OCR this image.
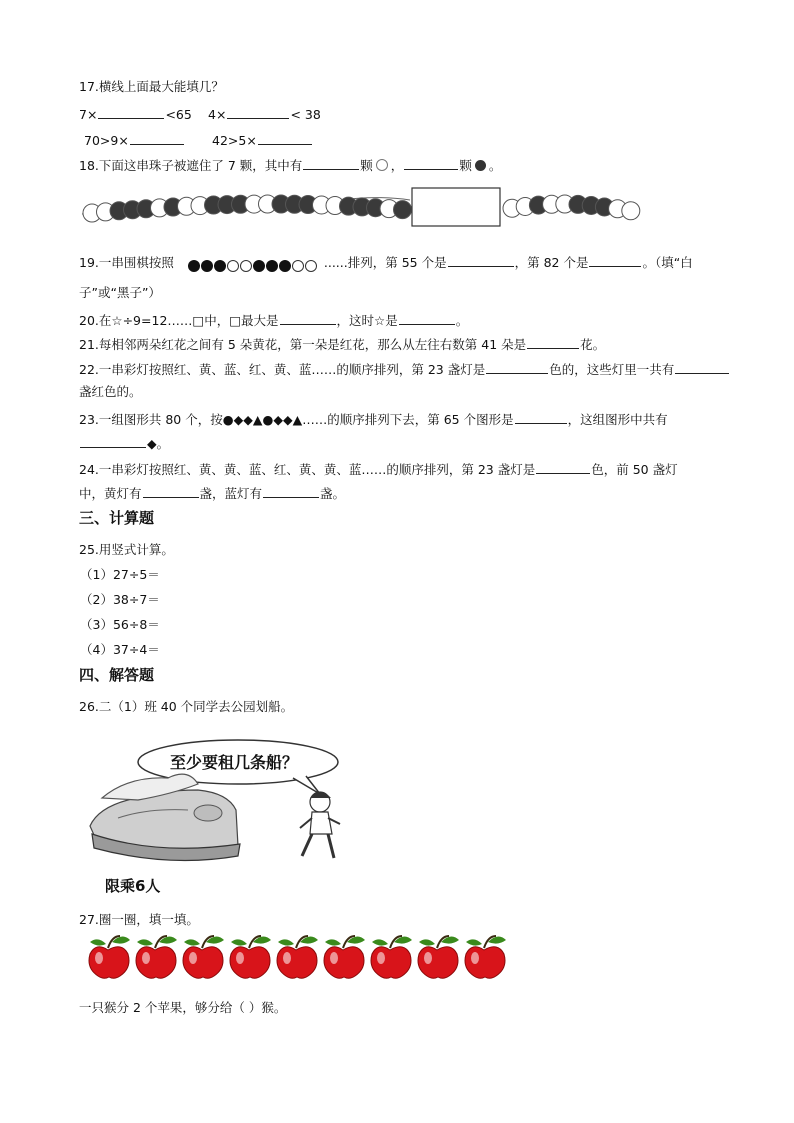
17.横线上面最大能填几？
7×	<65 4×	< 38
70>9×	42>5×
18.下面这串珠子被遮住了 7 颗，其中有	颗 ，	颗 。
19.一串围棋按照	......排列，第 55 个是	，第 82 个是	。（填“白
子”或“黑子”）
20.在☆÷9=12……□中，□最大是	，这时☆是	。
21.每相邻两朵红花之间有 5 朵黄花，第一朵是红花，那么从左往右数第 41 朵是	花。
22.一串彩灯按照红、黄、蓝、红、黄、蓝……的顺序排列，第 23 盏灯是	色的，这些灯里一共有
盏红色的。
23.一组图形共 80 个，按●◆◆▲●◆◆▲……的顺序排列下去，第 65 个图形是	，这组图形中共有
◆。
24.一串彩灯按照红、黄、黄、蓝、红、黄、黄、蓝……的顺序排列，第 23 盏灯是	色，前 50 盏灯
中，黄灯有	盏，蓝灯有	盏。
三、计算题
25.用竖式计算。
（1）27÷5＝
（2）38÷7＝
（3）56÷8＝
（4）37÷4＝
四、解答题
26.二（1）班 40 个同学去公园划船。
至少要租几条船？
限乘6人
27.圈一圈，填一填。
一只猴分 2 个苹果，够分给（ ）猴。
